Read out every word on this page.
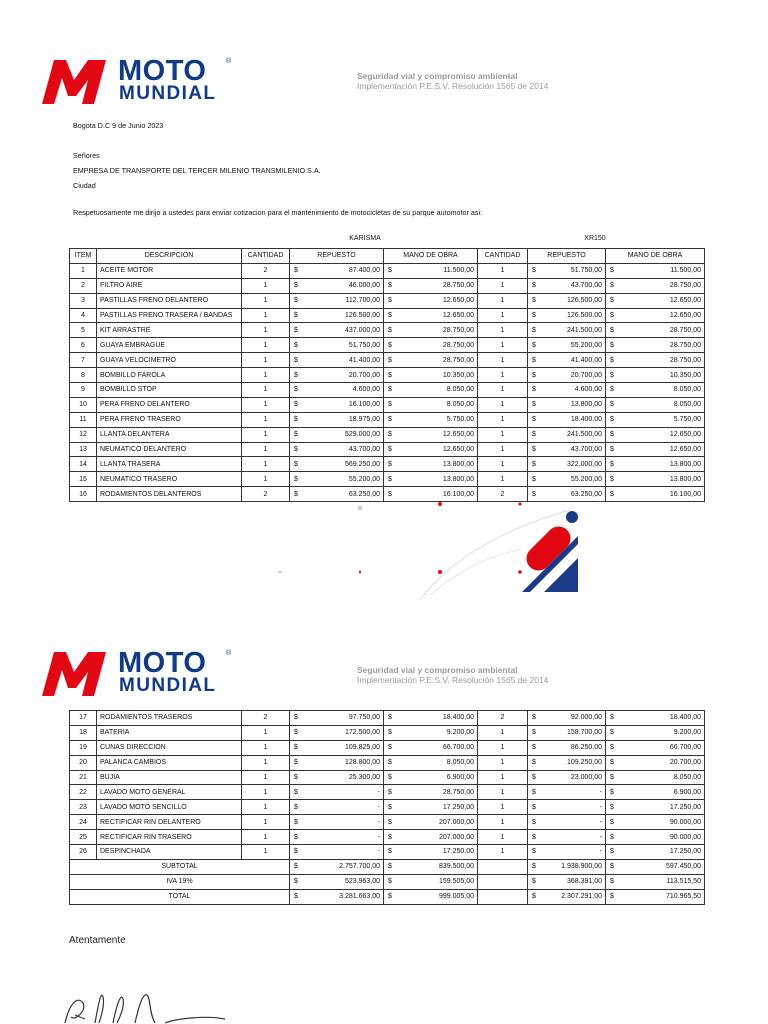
MOTO	®
MUNDIAL
Seguridad vial y compromiso ambiental
Implementación P.E.S.V. Resolución 1565 de 2014
Bogota D.C 9 de Junio 2023
Señores
EMPRESA DE TRANSPORTE DEL TERCER MILENIO TRANSMILENIO S.A.
Ciudad
Respetuosamente me dirijo a ustedes para enviar cotizacion para el mantenimiento de motocicletas de su parque automotor asi:
KARISMA	XR150
ITEM	DESCRIPCION	CANTIDAD	REPUESTO	MANO DE OBRA	CANTIDAD	REPUESTO	MANO DE OBRA
1	ACEITE MOTOR	2	$ 87.400,00	$ 11.500,00	1	$ 51.750,00	$ 11.500,00

2	FILTRO AIRE	1	$ 46.000,00	$ 28.750,00	1	$ 43.700,00	$ 28.750,00

3	PASTILLAS FRENO DELANTERO	1	$ 112.700,00	$ 12.650,00	1	$ 126.500,00	$ 12.650,00

4	PASTILLAS FRENO TRASERA / BANDAS	1	$ 126.500,00	$ 12.650,00	1	$ 126.500,00	$ 12.650,00

5	KIT ARRASTRE	1	$ 437.000,00	$ 28.750,00	1	$ 241.500,00	$ 28.750,00

6	GUAYA EMBRAGUE	1	$ 51.750,00	$ 28.750,00	1	$ 55.200,00	$ 28.750,00

7	GUAYA VELOCIMETRO	1	$ 41.400,00	$ 28.750,00	1	$ 41.400,00	$ 28.750,00

8	BOMBILLO FAROLA	1	$ 20.700,00	$ 10.350,00	1	$ 20.700,00	$ 10.350,00

9	BOMBILLO STOP	1	$ 4.600,00	$ 8.050,00	1	$ 4.600,00	$ 8.050,00

10	PERA FRENO DELANTERO	1	$ 16.100,00	$ 8.050,00	1	$ 13.800,00	$ 8.050,00

11	PERA FRENO TRASERO	1	$ 18.975,00	$ 5.750,00	1	$ 18.400,00	$ 5.750,00

12	LLANTA DELANTERA	1	$ 529.000,00	$ 12.650,00	1	$ 241.500,00	$ 12.650,00

13	NEUMATICO DELANTERO	1	$ 43.700,00	$ 12.650,00	1	$ 43.700,00	$ 12.650,00

14	LLANTA TRASERA	1	$ 569.250,00	$ 13.800,00	1	$ 322.000,00	$ 13.800,00

15	NEUMATICO TRASERO	1	$ 55.200,00	$ 13.800,00	1	$ 55.200,00	$ 13.800,00

16	RODAMIENTOS DELANTEROS	2	$ 63.250,00	$ 16.100,00	2	$ 63.250,00	$ 16.100,00
MOTO	®
MUNDIAL
Seguridad vial y compromiso ambiental
Implementación P.E.S.V. Resolución 1565 de 2014
17	RODAMIENTOS TRASEROS	2	$ 97.750,00	$ 18.400,00	2	$ 92.000,00	$ 18.400,00

18	BATERIA	1	$ 172.500,00	$ 9.200,00	1	$ 158.700,00	$ 9.200,00

19	CUNAS DIRECCION	1	$ 109.825,00	$ 66.700,00	1	$ 86.250,00	$ 66.700,00

20	PALANCA CAMBIOS	1	$ 128.800,00	$ 8.050,00	1	$ 109.250,00	$ 20.700,00

21	BUJIA	1	$ 25.300,00	$ 6.900,00	1	$ 23.000,00	$ 8.050,00

22	LAVADO MOTO GENERAL	1	$ -	$ 28.750,00	1	$ -	$ 6.900,00

23	LAVADO MOTO SENCILLO	1	$ -	$ 17.250,00	1	$ -	$ 17.250,00

24	RECTIFICAR RIN DELANTERO	1	$ -	$ 207.000,00	1	$ -	$ 90.000,00

25	RECTIFICAR RIN TRASERO	1	$ -	$ 207.000,00	1	$ -	$ 90.000,00

26	DESPINCHADA	1	$ -	$ 17.250,00	1	$ -	$ 17.250,00

SUBTOTAL			$ 2.757.700,00	$ 839.500,00		$ 1.938.900,00	$ 597.450,00

IVA 19%			$ 523.963,00	$ 159.505,00		$ 368.391,00	$ 113.515,50

TOTAL			$ 3.281.663,00	$ 999.005,00		$ 2.307.291,00	$ 710.965,50
Atentamente
